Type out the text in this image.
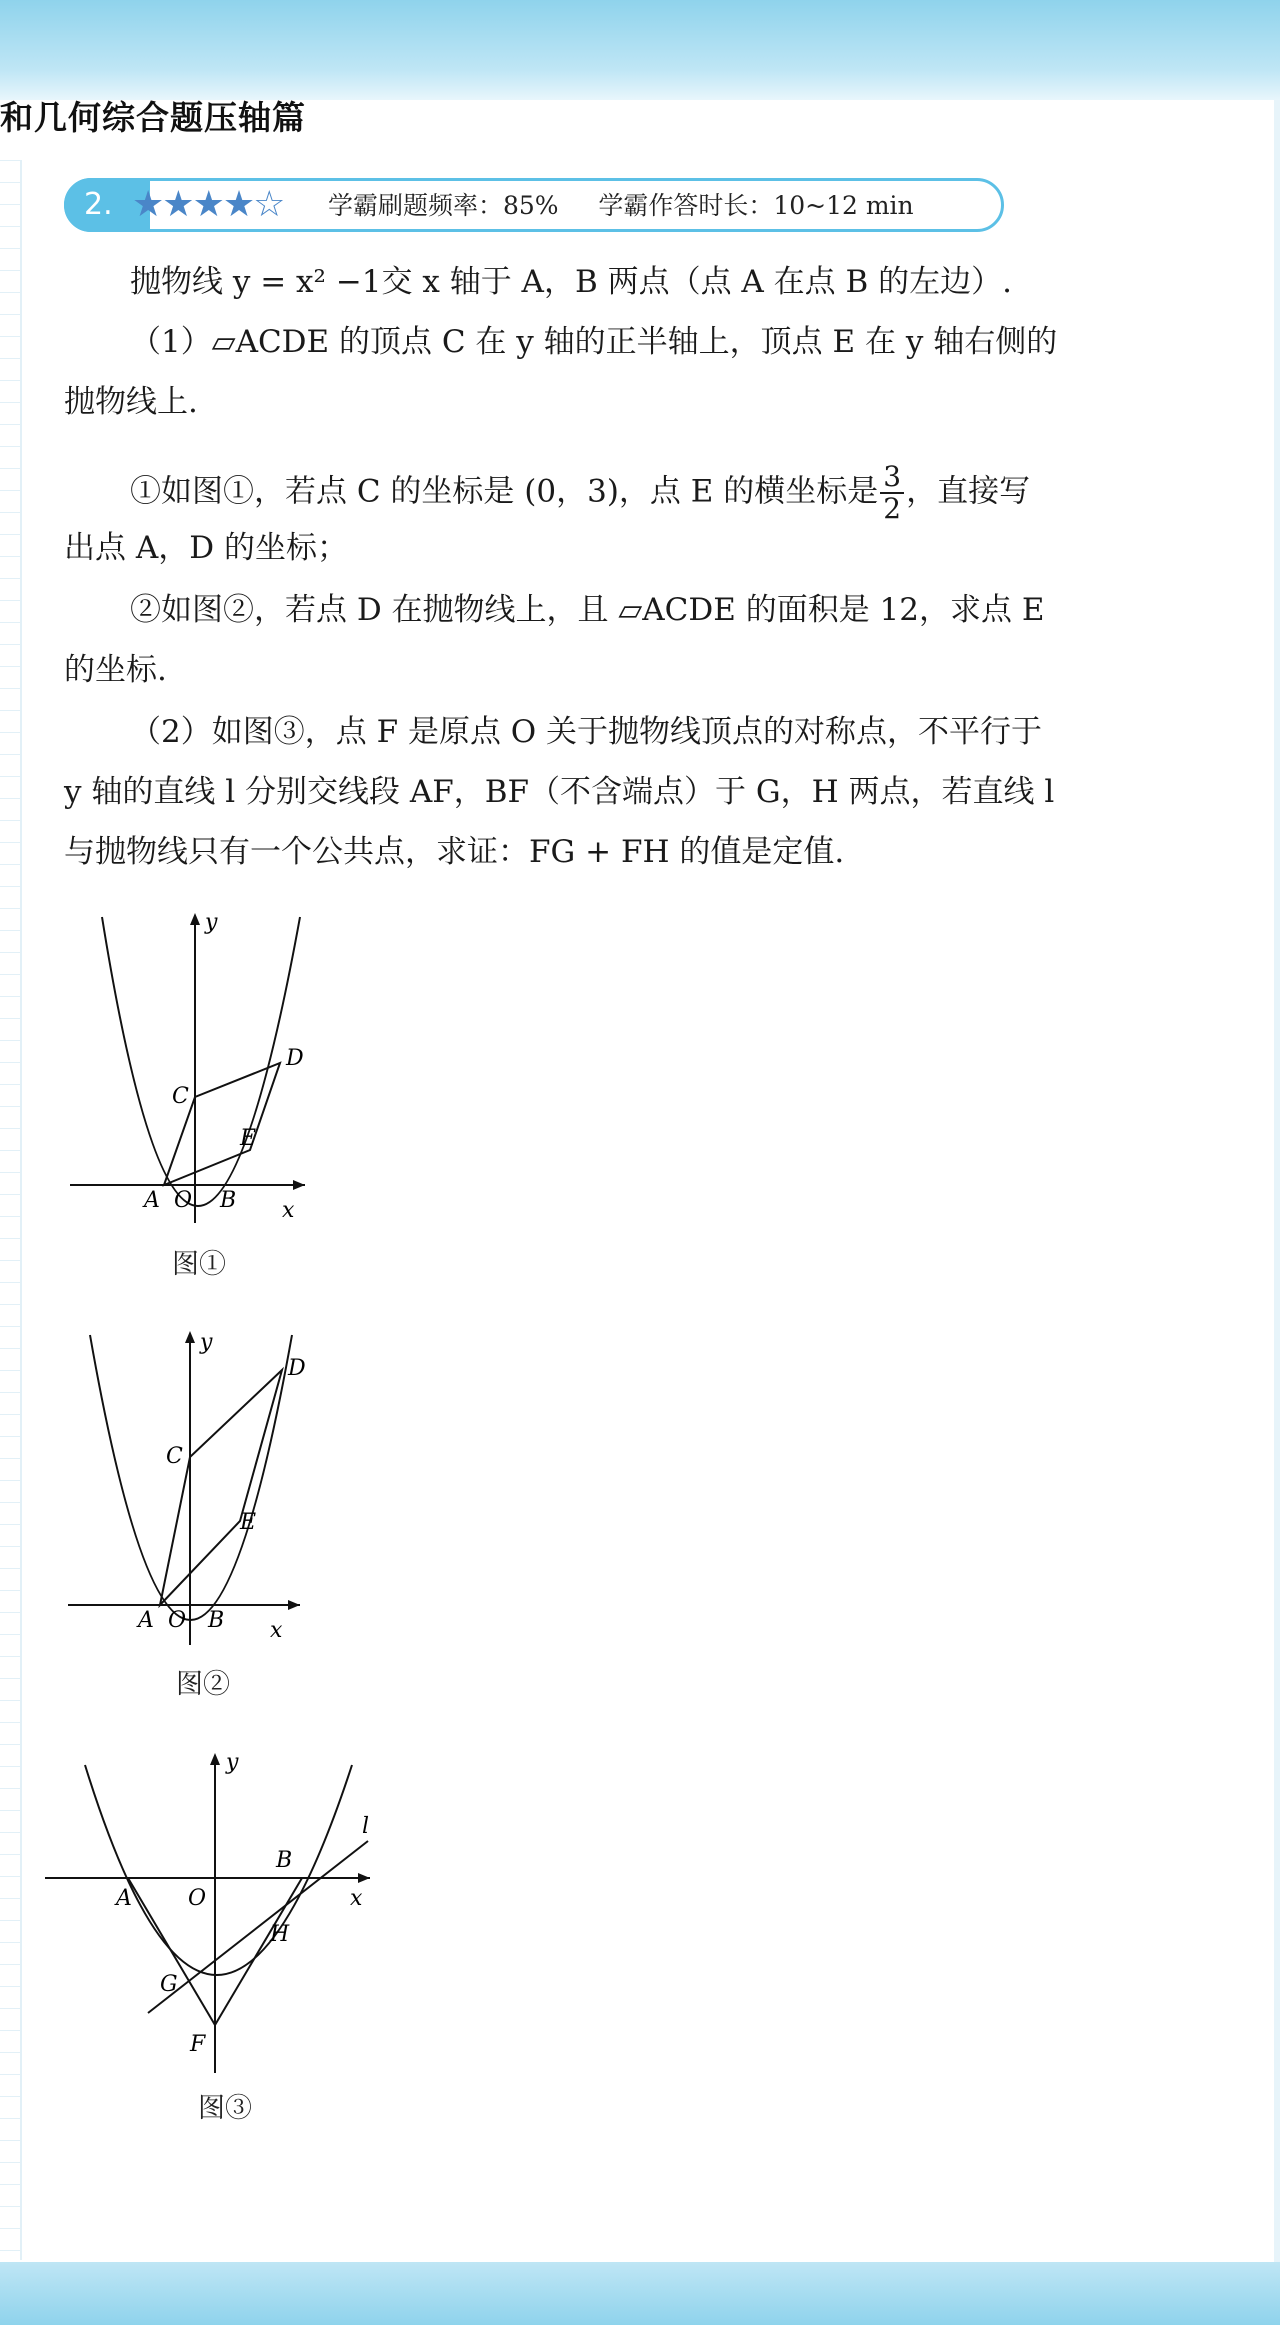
和几何综合题压轴篇
2. ★★★★☆ 学霸刷题频率：85% 学霸作答时长：10~12 min
抛物线 y = x² −1交 x 轴于 A，B 两点（点 A 在点 B 的左边）.
（1）▱ACDE 的顶点 C 在 y 轴的正半轴上，顶点 E 在 y 轴右侧的
抛物线上.
①如图①，若点 C 的坐标是 (0，3)，点 E 的横坐标是 $\frac{3}{2}$ ，直接写
出点 A，D 的坐标；
②如图②，若点 D 在抛物线上，且 ▱ACDE 的面积是 12，求点 E
的坐标.
（2）如图③，点 F 是原点 O 关于抛物线顶点的对称点，不平行于
y 轴的直线 l 分别交线段 AF，BF（不含端点）于 G，H 两点，若直线 l
与抛物线只有一个公共点，求证：FG + FH 的值是定值.
y
x
A O B
C
D
E
图①
y
x
A O B
C
D
E
图②
y
x
A	O
B
G
H
F
l
图③
